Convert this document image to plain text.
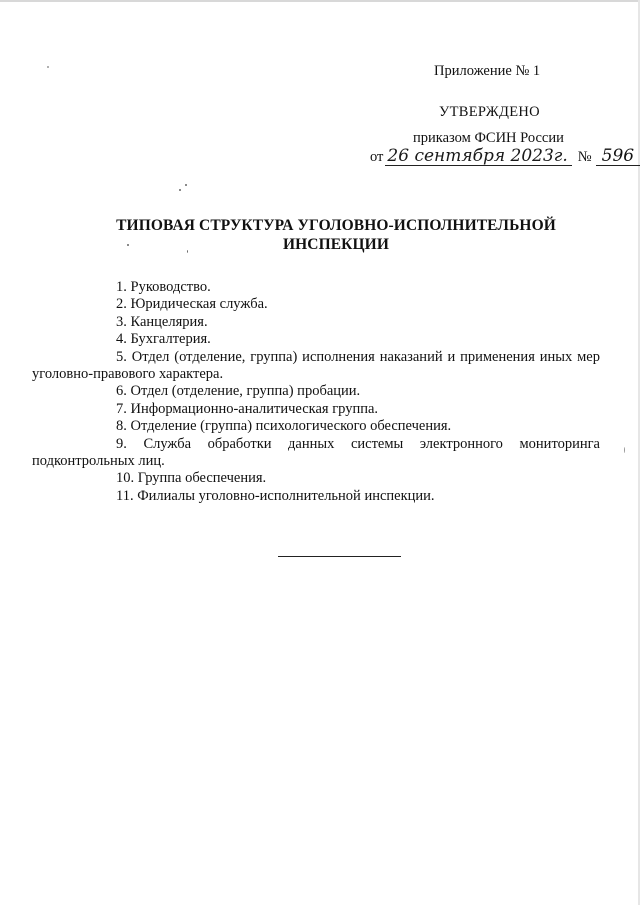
Приложение № 1
УТВЕРЖДЕНО
приказом ФСИН России
от 26 сентября 2023г. № 596
ТИПОВАЯ СТРУКТУРА УГОЛОВНО-ИСПОЛНИТЕЛЬНОЙ
ИНСПЕКЦИИ

1. Руководство.

2. Юридическая служба.

3. Канцелярия.

4. Бухгалтерия.

5. Отдел (отделение, группа) исполнения наказаний и применения иных мер уголовно-правового характера.

6. Отдел (отделение, группа) пробации.

7. Информационно-аналитическая группа.

8. Отделение (группа) психологического обеспечения.

9. Служба обработки данных системы электронного мониторинга подконтрольных лиц.

10. Группа обеспечения.

11. Филиалы уголовно-исполнительной инспекции.
